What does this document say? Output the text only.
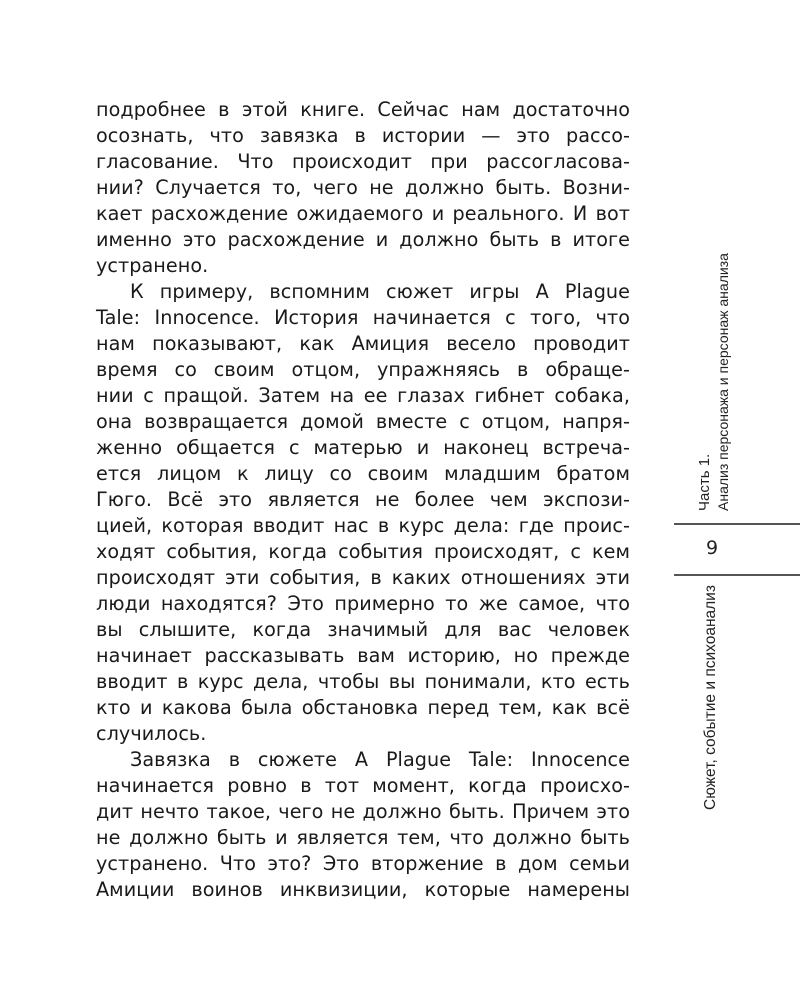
подробнее в этой книге. Сейчас нам достаточно
осознать, что завязка в истории — это рассо-
гласование. Что происходит при рассогласова-
нии? Случается то, чего не должно быть. Возни-
кает расхождение ожидаемого и реального. И вот
именно это расхождение и должно быть в итоге
устранено.
К примеру, вспомним сюжет игры A Plague
Tale: Innocence. История начинается с того, что
нам показывают, как Амиция весело проводит
время со своим отцом, упражняясь в обраще-
нии с пращой. Затем на ее глазах гибнет собака,
она возвращается домой вместе с отцом, напря-
женно общается с матерью и наконец встреча-
ется лицом к лицу со своим младшим братом
Гюго. Всё это является не более чем экспози-
цией, которая вводит нас в курс дела: где проис-
ходят события, когда события происходят, с кем
происходят эти события, в каких отношениях эти
люди находятся? Это примерно то же самое, что
вы слышите, когда значимый для вас человек
начинает рассказывать вам историю, но прежде
вводит в курс дела, чтобы вы понимали, кто есть
кто и какова была обстановка перед тем, как всё
случилось.
Завязка в сюжете A Plague Tale: Innocence
начинается ровно в тот момент, когда происхо-
дит нечто такое, чего не должно быть. Причем это
не должно быть и является тем, что должно быть
устранено. Что это? Это вторжение в дом семьи
Амиции воинов инквизиции, которые намерены
Часть 1. Анализ персонажа и персонаж анализа
9
Сюжет, событие и психоанализ
